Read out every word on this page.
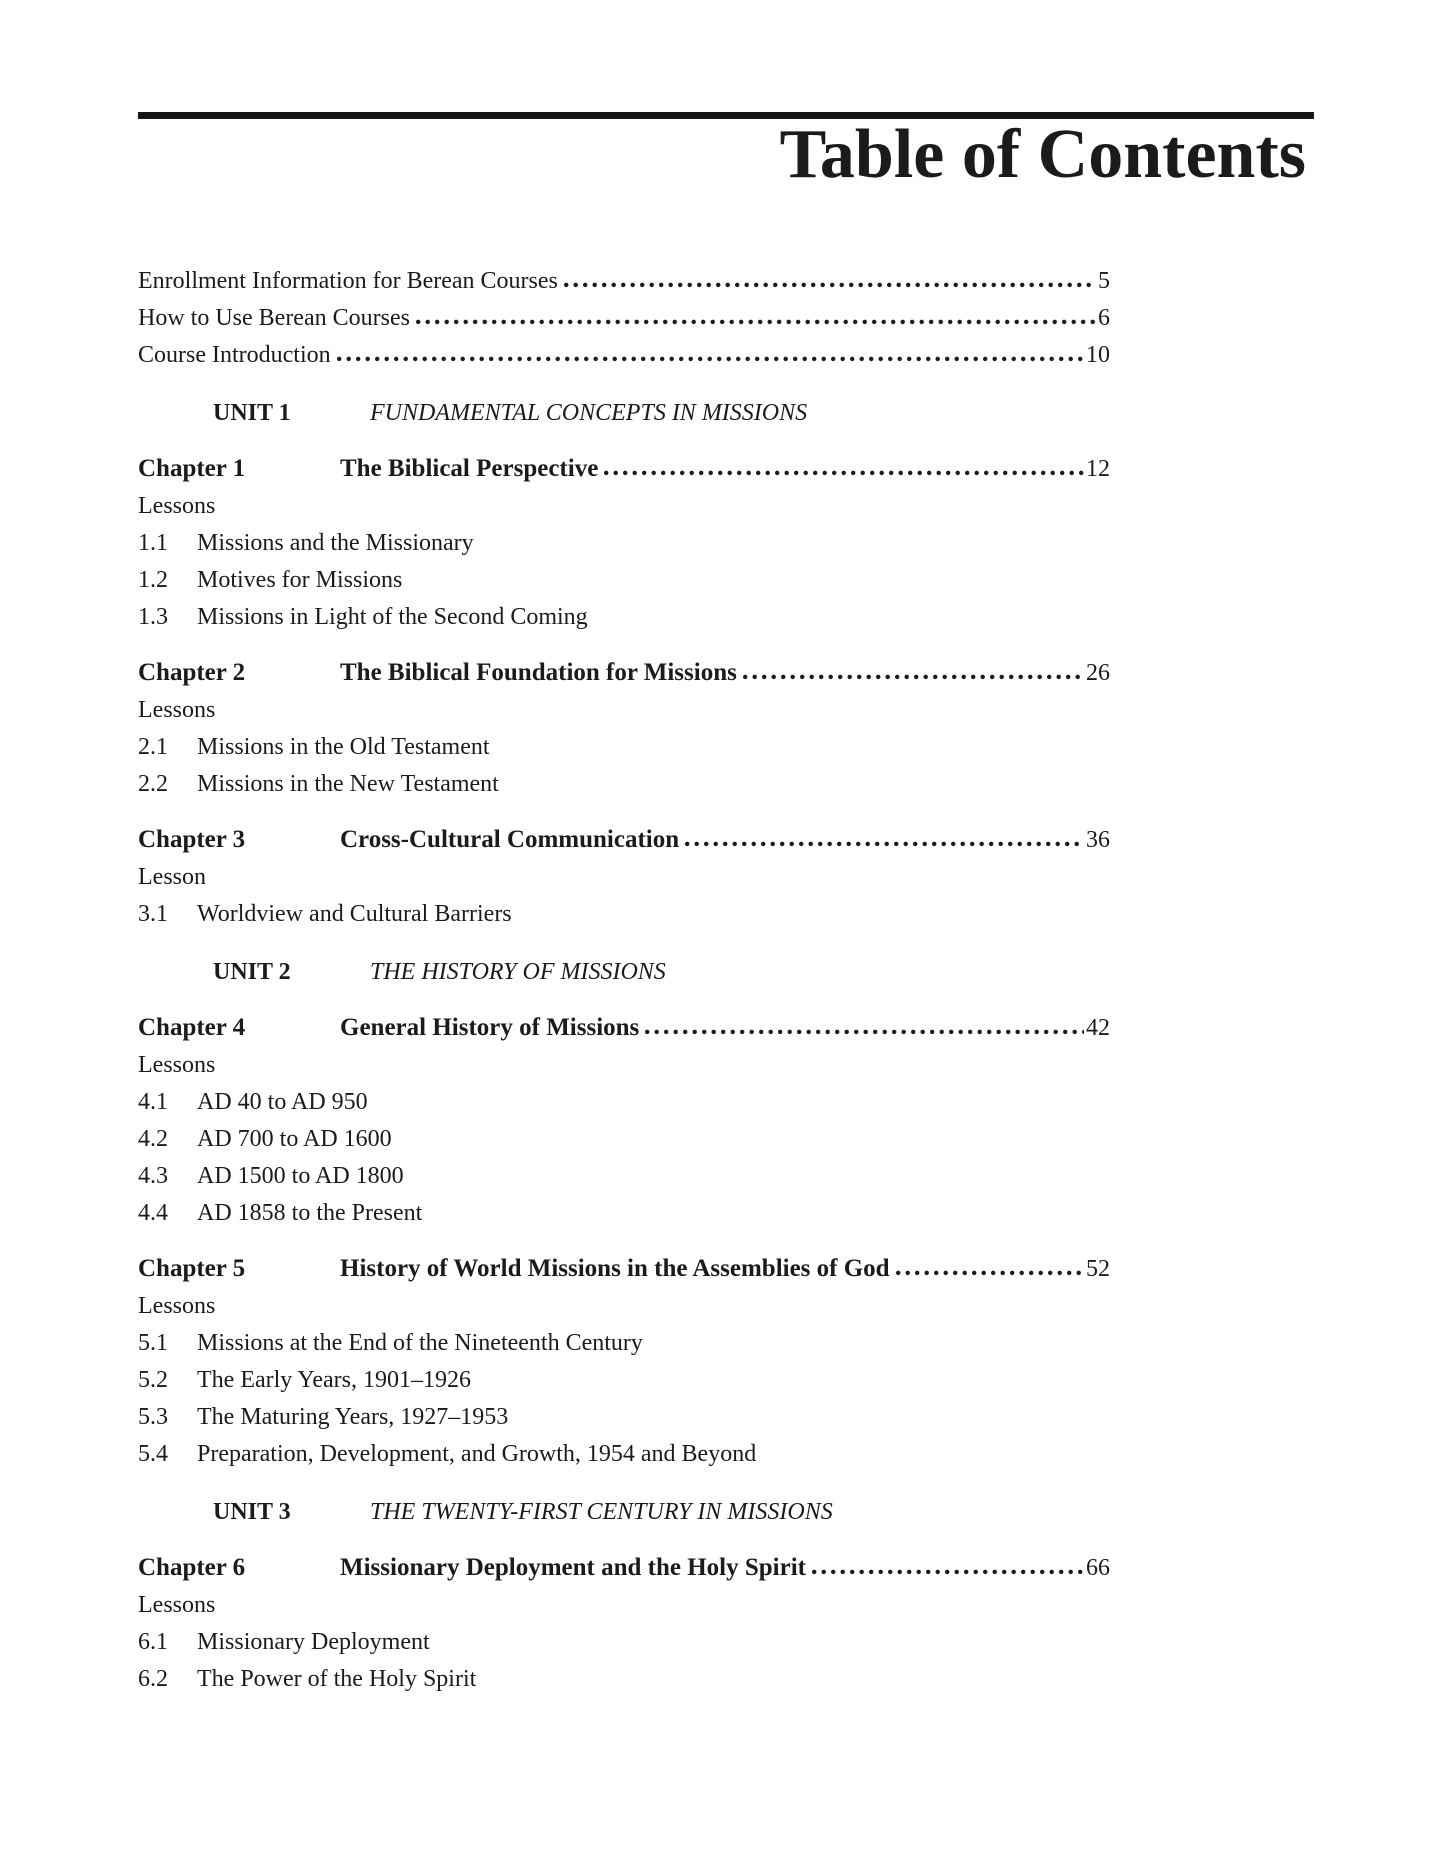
Table of Contents
Enrollment Information for Berean Courses	5
How to Use Berean Courses	6
Course Introduction	10
UNIT 1	FUNDAMENTAL CONCEPTS IN MISSIONS
Chapter 1	The Biblical Perspective	12
Lessons
1.1	Missions and the Missionary
1.2	Motives for Missions
1.3	Missions in Light of the Second Coming
Chapter 2	The Biblical Foundation for Missions	26
Lessons
2.1	Missions in the Old Testament
2.2	Missions in the New Testament
Chapter 3	Cross-Cultural Communication	36
Lesson
3.1	Worldview and Cultural Barriers
UNIT 2	THE HISTORY OF MISSIONS
Chapter 4	General History of Missions	42
Lessons
4.1	AD 40 to AD 950
4.2	AD 700 to AD 1600
4.3	AD 1500 to AD 1800
4.4	AD 1858 to the Present
Chapter 5	History of World Missions in the Assemblies of God	52
Lessons
5.1	Missions at the End of the Nineteenth Century
5.2	The Early Years, 1901–1926
5.3	The Maturing Years, 1927–1953
5.4	Preparation, Development, and Growth, 1954 and Beyond
UNIT 3	THE TWENTY-FIRST CENTURY IN MISSIONS
Chapter 6	Missionary Deployment and the Holy Spirit	66
Lessons
6.1	Missionary Deployment
6.2	The Power of the Holy Spirit
